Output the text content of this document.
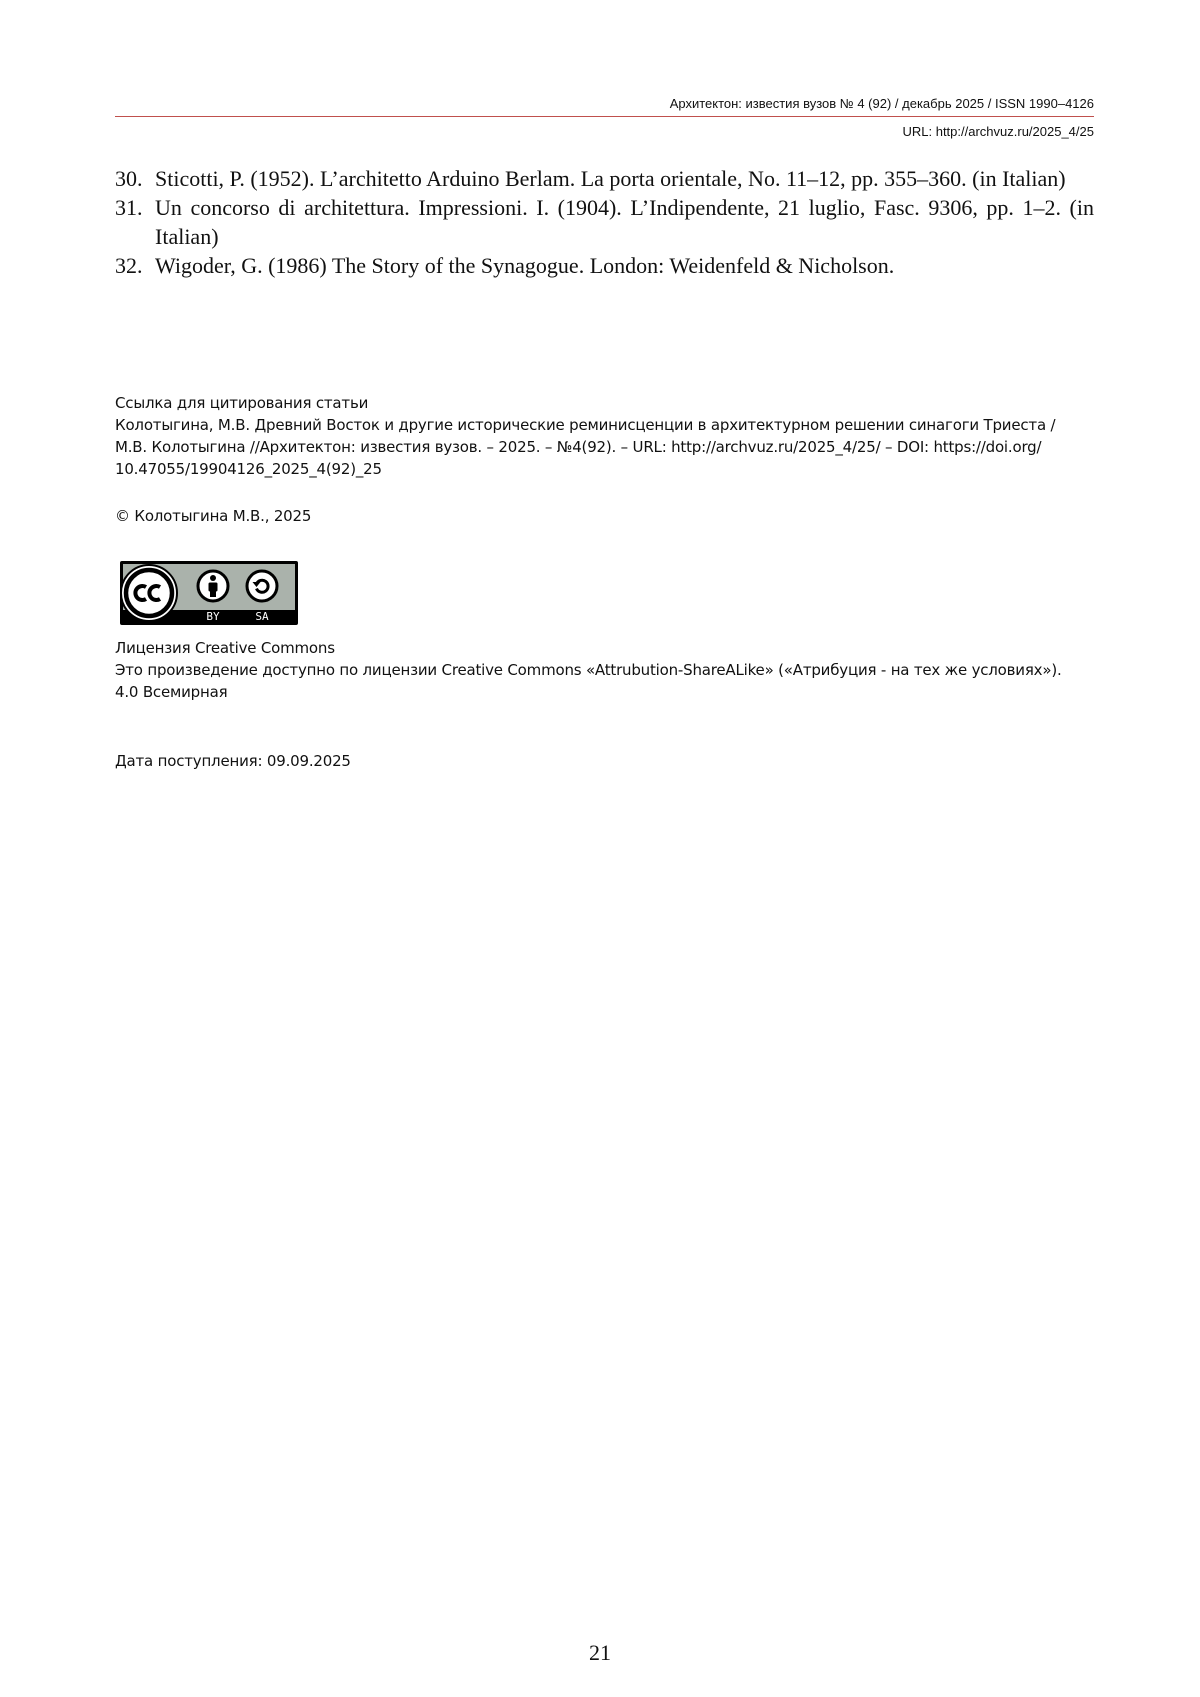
Архитектон: известия вузов № 4 (92) / декабрь 2025 / ISSN 1990–4126
URL: http://archvuz.ru/2025_4/25
30. Sticotti, P. (1952). L’architetto Arduino Berlam. La porta orientale, No. 11–12, pp. 355–360. (in Italian)
31. Un concorso di architettura. Impressioni. I. (1904). L’Indipendente, 21 luglio, Fasc. 9306, pp. 1–2. (in Italian)
32. Wigoder, G. (1986) The Story of the Synagogue. London: Weidenfeld & Nicholson.
Ссылка для цитирования статьи
Колотыгина, М.В. Древний Восток и другие исторические реминисценции в архитектурном решении синагоги Триеста /
М.В. Колотыгина //Архитектон: известия вузов. – 2025. – №4(92). – URL: http://archvuz.ru/2025_4/25/ – DOI: https://doi.org/
10.47055/19904126_2025_4(92)_25
© Колотыгина М.В., 2025
BY	SA
Лицензия Creative Commons
Это произведение доступно по лицензии Creative Commons «Attrubution-ShareALike» («Атрибуция - на тех же условиях»).
4.0 Всемирная
Дата поступления: 09.09.2025
21
